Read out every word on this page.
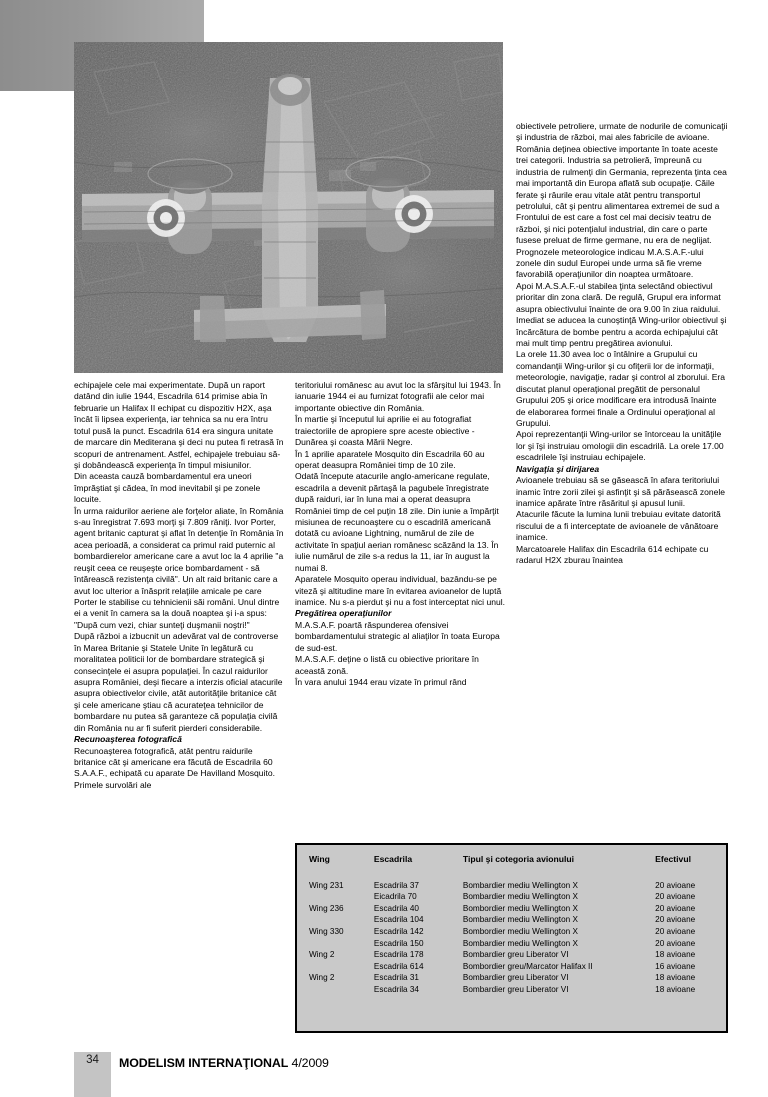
echipajele cele mai experimentate. După un raport datând din iulie 1944, Escadrila 614 primise abia în februarie un Halifax II echipat cu dispozitiv H2X, aşa încât îi lipsea experienţa, iar tehnica sa nu era întru totul pusă la punct. Escadrila 614 era singura unitate de marcare din Mediterana şi deci nu putea fi retrasă în scopuri de antrenament. Astfel, echipajele trebuiau să-şi dobândească experienţa în timpul misiunilor.

Din aceasta cauză bombardamentul era uneori împrăştiat şi cădea, în mod inevitabil şi pe zonele locuite.

În urma raidurilor aeriene ale forţelor aliate, în România s-au înregistrat 7.693 morţi şi 7.809 răniţi. Ivor Porter, agent britanic capturat şi aflat în detenţie în România în acea perioadă, a considerat ca primul raid puternic al bombardierelor americane care a avut loc la 4 aprilie "a reuşit ceea ce reuşeşte orice bombardament - să întărească rezistenţa civilă". Un alt raid britanic care a avut loc ulterior a înăsprit relaţiile amicale pe care Porter le stabilise cu tehnicienii săi români. Unul dintre ei a venit în camera sa la două noaptea şi i-a spus: "După cum vezi, chiar sunteţi duşmanii noştri!"

După război a izbucnit un adevărat val de controverse în Marea Britanie şi Statele Unite în legătură cu moralitatea politicii lor de bombardare strategică şi consecinţele ei asupra populaţiei. În cazul raidurilor asupra României, deşi fiecare a interzis oficial atacurile asupra obiectivelor civile, atât autorităţile britanice cât şi cele americane ştiau că acurateţea tehnicilor de bombardare nu putea să garanteze că populaţia civilă din România nu ar fi suferit pierderi considerabile.

Recunoaşterea fotografică

Recunoaşterea fotografică, atât pentru raidurile britanice cât şi americane era făcută de Escadrila 60 S.A.A.F., echipată cu aparate De Havilland Mosquito. Primele survolări ale

teritoriului românesc au avut loc la sfârşitul lui 1943. În ianuarie 1944 ei au furnizat fotografii ale celor mai importante obiective din România.

În martie şi începutul lui aprilie ei au fotografiat traiectoriile de apropiere spre aceste obiective - Dunărea şi coasta Mării Negre.

În 1 aprilie aparatele Mosquito din Escadrila 60 au operat deasupra României timp de 10 zile.

Odată începute atacurile anglo-americane regulate, escadrila a devenit părtaşă la pagubele înregistrate după raiduri, iar în luna mai a operat deasupra României timp de cel puţin 18 zile. Din iunie a împărţit misiunea de recunoaştere cu o escadrilă americană dotată cu avioane Lightning, numărul de zile de activitate în spaţiul aerian românesc scăzând la 13. În iulie numărul de zile s-a redus la 11, iar în august la numai 8.

Aparatele Mosquito operau individual, bazându-se pe viteză şi altitudine mare în evitarea avioanelor de luptă inamice. Nu s-a pierdut şi nu a fost interceptat nici unul.

Pregătirea operaţiunilor

M.A.S.A.F. poartă răspunderea ofensivei bombardamentului strategic al aliaţilor în toata Europa de sud-est.

M.A.S.A.F. deţine o listă cu obiective prioritare în această zonă.

În vara anului 1944 erau vizate în primul rând

obiectivele petroliere, urmate de nodurile de comunicaţii şi industria de război, mai ales fabricile de avioane. România deţinea obiective importante în toate aceste trei categorii. Industria sa petrolieră, împreună cu industria de rulmenţi din Germania, reprezenta ţinta cea mai importantă din Europa aflată sub ocupaţie. Căile ferate şi râurile erau vitale atât pentru transportul petrolului, cât şi pentru alimentarea extremei de sud a Frontului de est care a fost cel mai decisiv teatru de război, şi nici potenţialul industrial, din care o parte fusese preluat de firme germane, nu era de neglijat.

Prognozele meteorologice indicau M.A.S.A.F.-ului zonele din sudul Europei unde urma să fie vreme favorabilă operaţiunilor din noaptea următoare.

Apoi M.A.S.A.F.-ul stabilea ţinta selectând obiectivul prioritar din zona clară. De regulă, Grupul era informat asupra obiectivului înainte de ora 9.00 în ziua raidului. Imediat se aducea la cunoştinţă Wing-urilor obiectivul şi încărcătura de bombe pentru a acorda echipajului cât mai mult timp pentru pregătirea avionului.

La orele 11.30 avea loc o întâlnire a Grupului cu comandanţii Wing-urilor şi cu ofiţerii lor de informaţii, meteorologie, navigaţie, radar şi control al zborului. Era discutat planul operaţional pregătit de personalul Grupului 205 şi orice modificare era introdusă înainte de elaborarea formei finale a Ordinului operaţional al Grupului.

Apoi reprezentanţii Wing-urilor se întorceau la unităţile lor şi îşi instruiau omologii din escadrilă. La orele 17.00 escadrilele îşi instruiau echipajele.

Navigaţia şi dirijarea

Avioanele trebuiau să se găsească în afara teritoriului inamic între zorii zilei şi asfinţit şi să părăsească zonele inamice apărate între răsăritul şi apusul lunii.

Atacurile făcute la lumina lunii trebuiau evitate datorită riscului de a fi interceptate de avioanele de vânătoare inamice.

Marcatoarele Halifax din Escadrila 614 echipate cu radarul H2X zburau înaintea

Wing	Escadrila	Tipul şi cotegoria avionului	Efectivul
Wing 231	Escadrila 37	Bombardier mediu Wellington X	20 avioane
	Eicadrila 70	Bombardier mediu Wellington X	20 avioane
Wing 236	Escadrila 40	Bombordier mediu Wellington X	20 avioane
	Escadrila 104	Bombardier mediu Wellington X	20 avioane
Wing 330	Escadrila 142	Bombordier mediu Wellington X	20 avioane
	Escadrila 150	Bombardier mediu Wellington X	20 avioane
Wing 2	Escadrila 178	Bombardier greu Liberator VI	18 avioane
	Escadrila 614	Bombordier greu/Marcator Halifax II	16 avioane
Wing 2	Escadrila 31	Bombardier greu Liberator VI	18 avioane
	Escadrila 34	Bombardier greu Liberator VI	18 avioane
34	MODELISM INTERNAŢIONAL 4/2009
